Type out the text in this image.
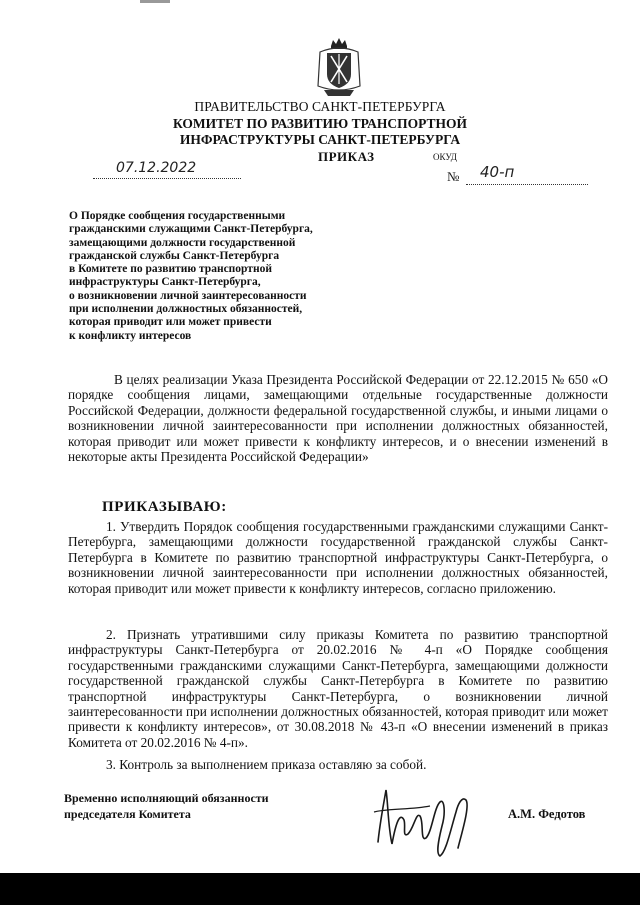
ПРАВИТЕЛЬСТВО САНКТ-ПЕТЕРБУРГА
КОМИТЕТ ПО РАЗВИТИЮ ТРАНСПОРТНОЙ
ИНФРАСТРУКТУРЫ САНКТ-ПЕТЕРБУРГА
ПРИКАЗ	ОКУД
07.12.2022
№ 40-п
О Порядке сообщения государственными
гражданскими служащими Санкт-Петербурга,
замещающими должности государственной
гражданской службы Санкт-Петербурга
в Комитете по развитию транспортной
инфраструктуры Санкт-Петербурга,
о возникновении личной заинтересованности
при исполнении должностных обязанностей,
которая приводит или может привести
к конфликту интересов
В целях реализации Указа Президента Российской Федерации от 22.12.2015 № 650 «О порядке сообщения лицами, замещающими отдельные государственные должности Российской Федерации, должности федеральной государственной службы, и иными лицами о возникновении личной заинтересованности при исполнении должностных обязанностей, которая приводит или может привести к конфликту интересов, и о внесении изменений в некоторые акты Президента Российской Федерации»
ПРИКАЗЫВАЮ:
1. Утвердить Порядок сообщения государственными гражданскими служащими Санкт-Петербурга, замещающими должности государственной гражданской службы Санкт-Петербурга в Комитете по развитию транспортной инфраструктуры Санкт-Петербурга, о возникновении личной заинтересованности при исполнении должностных обязанностей, которая приводит или может привести к конфликту интересов, согласно приложению.
2. Признать утратившими силу приказы Комитета по развитию транспортной инфраструктуры Санкт-Петербурга от 20.02.2016 № 4-п «О Порядке сообщения государственными гражданскими служащими Санкт-Петербурга, замещающими должности государственной гражданской службы Санкт-Петербурга в Комитете по развитию транспортной инфраструктуры Санкт-Петербурга, о возникновении личной заинтересованности при исполнении должностных обязанностей, которая приводит или может привести к конфликту интересов», от 30.08.2018 № 43-п «О внесении изменений в приказ Комитета от 20.02.2016 № 4-п».
3. Контроль за выполнением приказа оставляю за собой.
Временно исполняющий обязанности
председателя Комитета	А.М. Федотов
